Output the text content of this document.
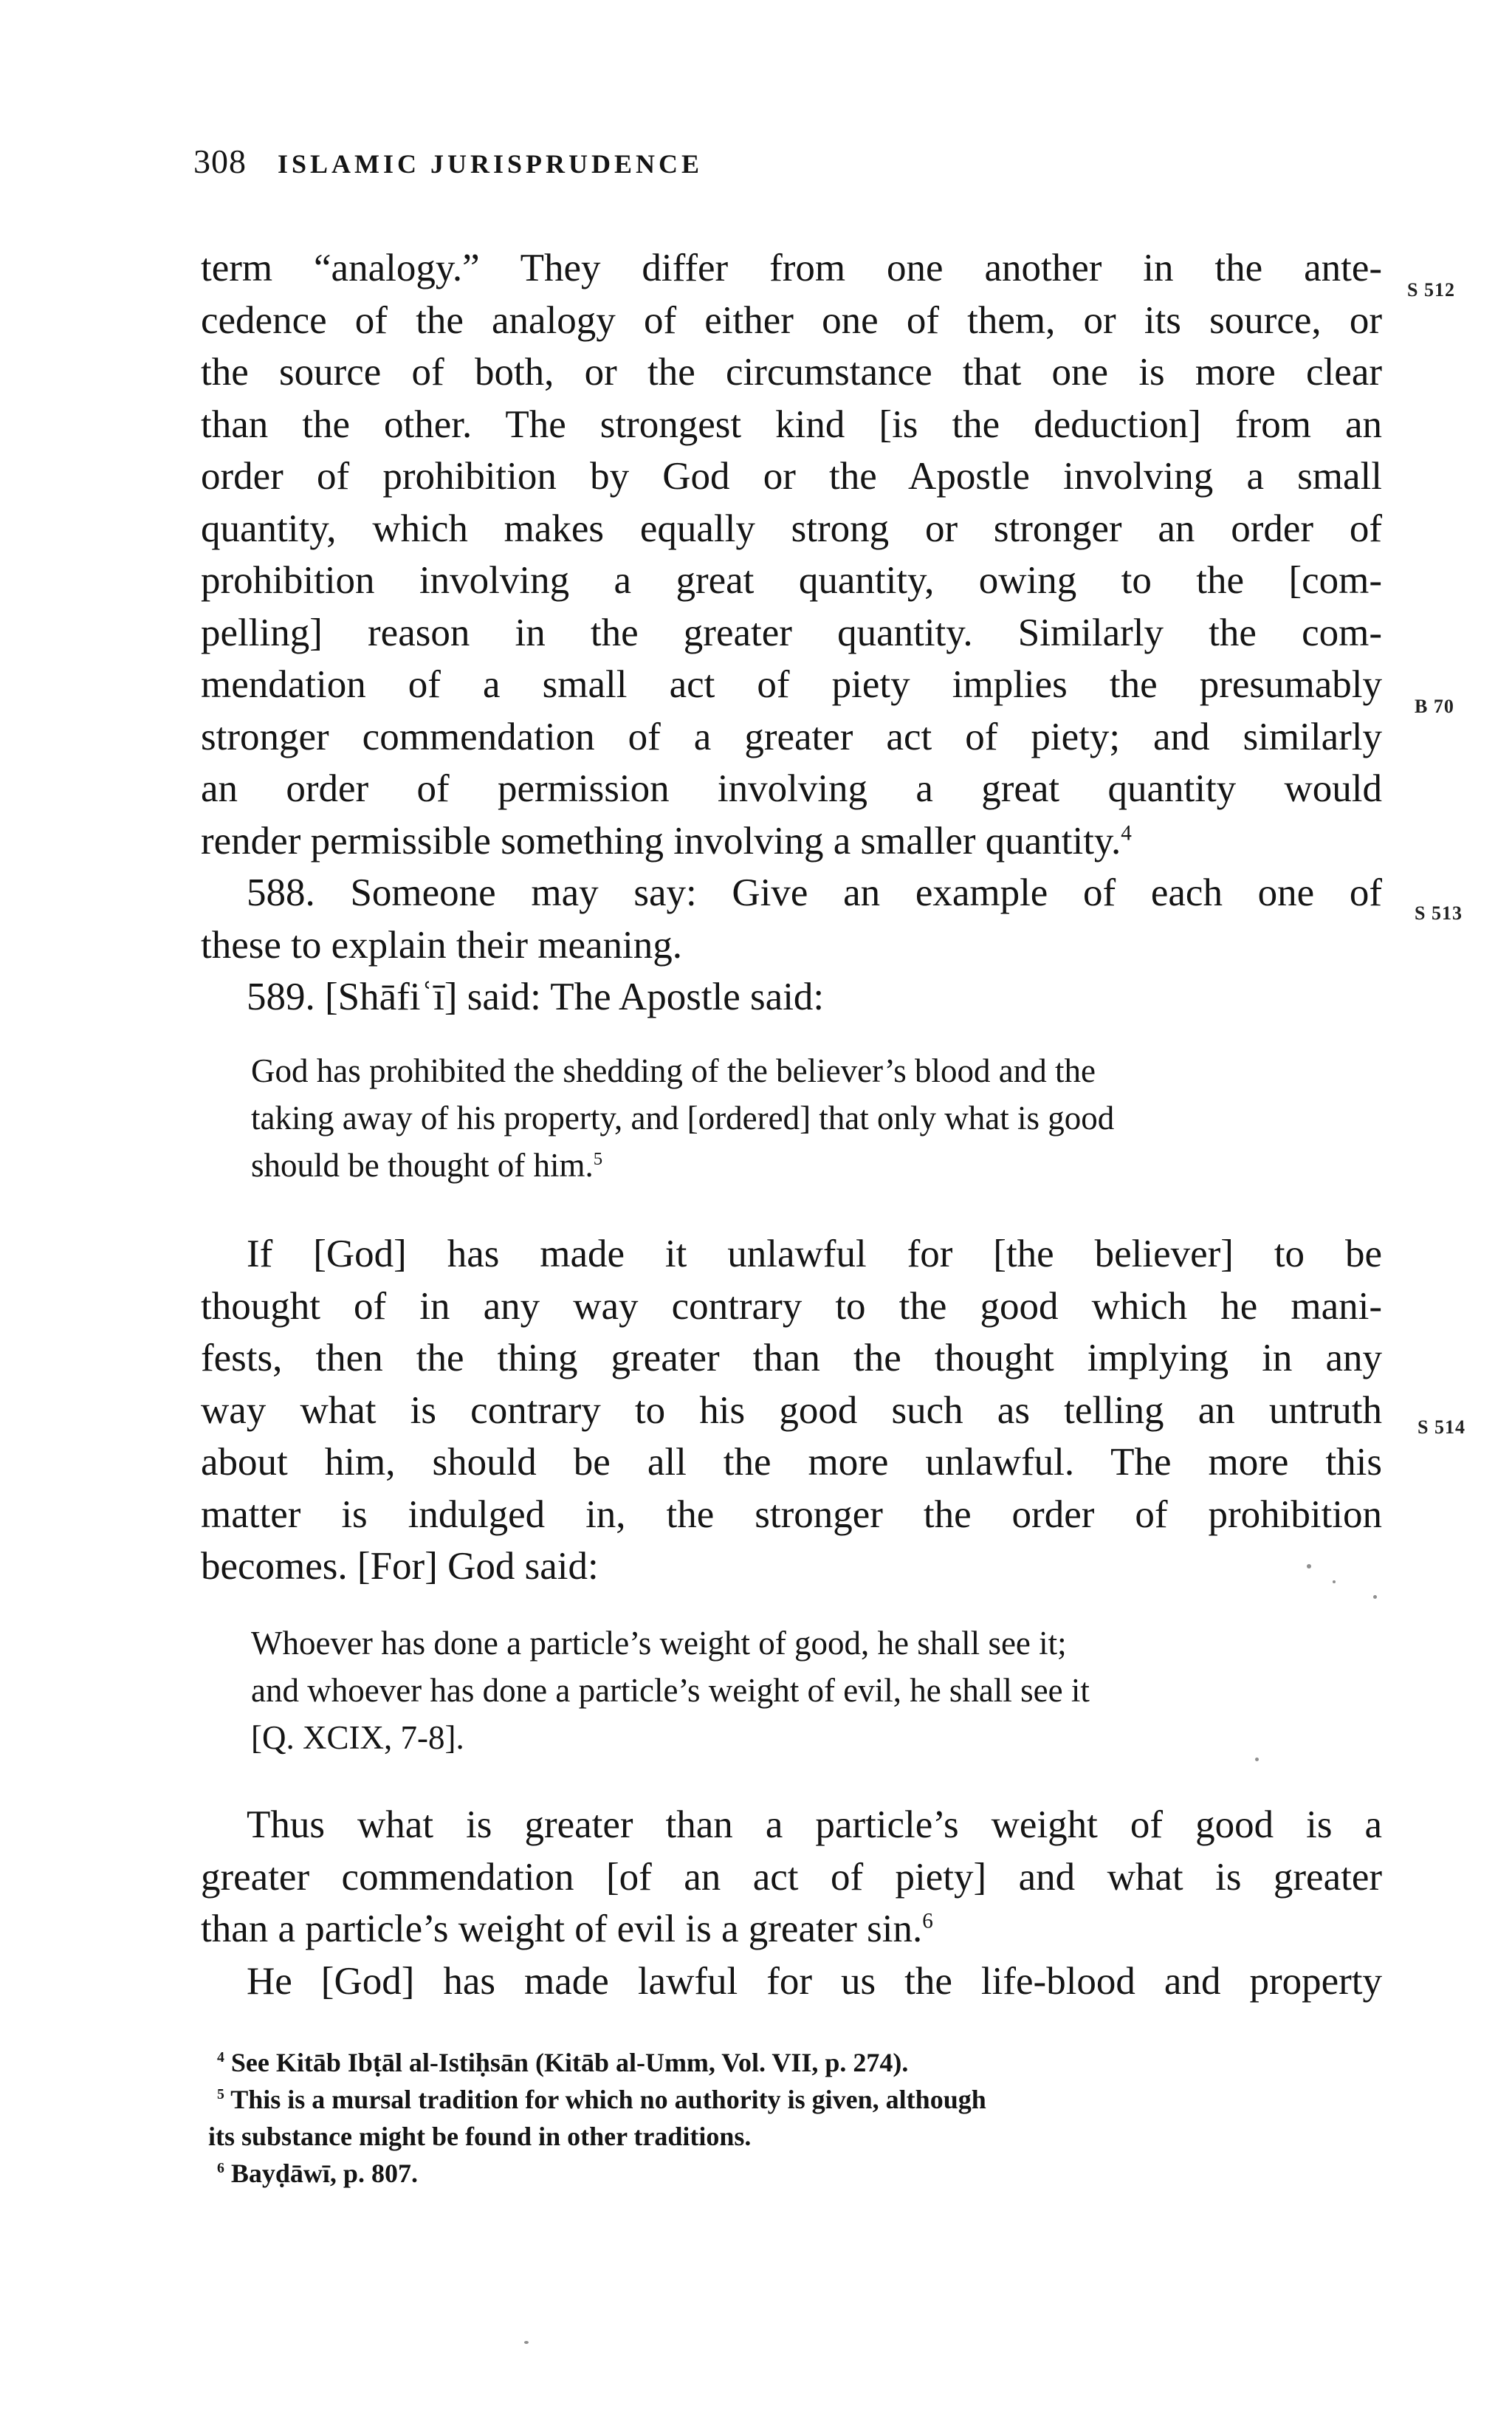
308 ISLAMIC JURISPRUDENCE
S 512
B 70
S 513
S 514
term “analogy.” They differ from one another in the ante-
cedence of the analogy of either one of them, or its source, or
the source of both, or the circumstance that one is more clear
than the other. The strongest kind [is the deduction] from an
order of prohibition by God or the Apostle involving a small
quantity, which makes equally strong or stronger an order of
prohibition involving a great quantity, owing to the [com-
pelling] reason in the greater quantity. Similarly the com-
mendation of a small act of piety implies the presumably
stronger commendation of a greater act of piety; and similarly
an order of permission involving a great quantity would
render permissible something involving a smaller quantity.$^4$
588. Someone may say: Give an example of each one of
these to explain their meaning.
589. [Shāfiʿī] said: The Apostle said:
God has prohibited the shedding of the believer’s blood and the
taking away of his property, and [ordered] that only what is good
should be thought of him.$^5$
If [God] has made it unlawful for [the believer] to be
thought of in any way contrary to the good which he mani-
fests, then the thing greater than the thought implying in any
way what is contrary to his good such as telling an untruth
about him, should be all the more unlawful. The more this
matter is indulged in, the stronger the order of prohibition
becomes. [For] God said:
Whoever has done a particle’s weight of good, he shall see it;
and whoever has done a particle’s weight of evil, he shall see it
[Q. XCIX, 7-8].
Thus what is greater than a particle’s weight of good is a
greater commendation [of an act of piety] and what is greater
than a particle’s weight of evil is a greater sin.$^6$
He [God] has made lawful for us the life-blood and property
$^4$ See Kitāb Ibṭāl al-Istiḥsān (Kitāb al-Umm, Vol. VII, p. 274).
$^5$ This is a mursal tradition for which no authority is given, although
its substance might be found in other traditions.
$^6$ Bayḍāwī, p. 807.
